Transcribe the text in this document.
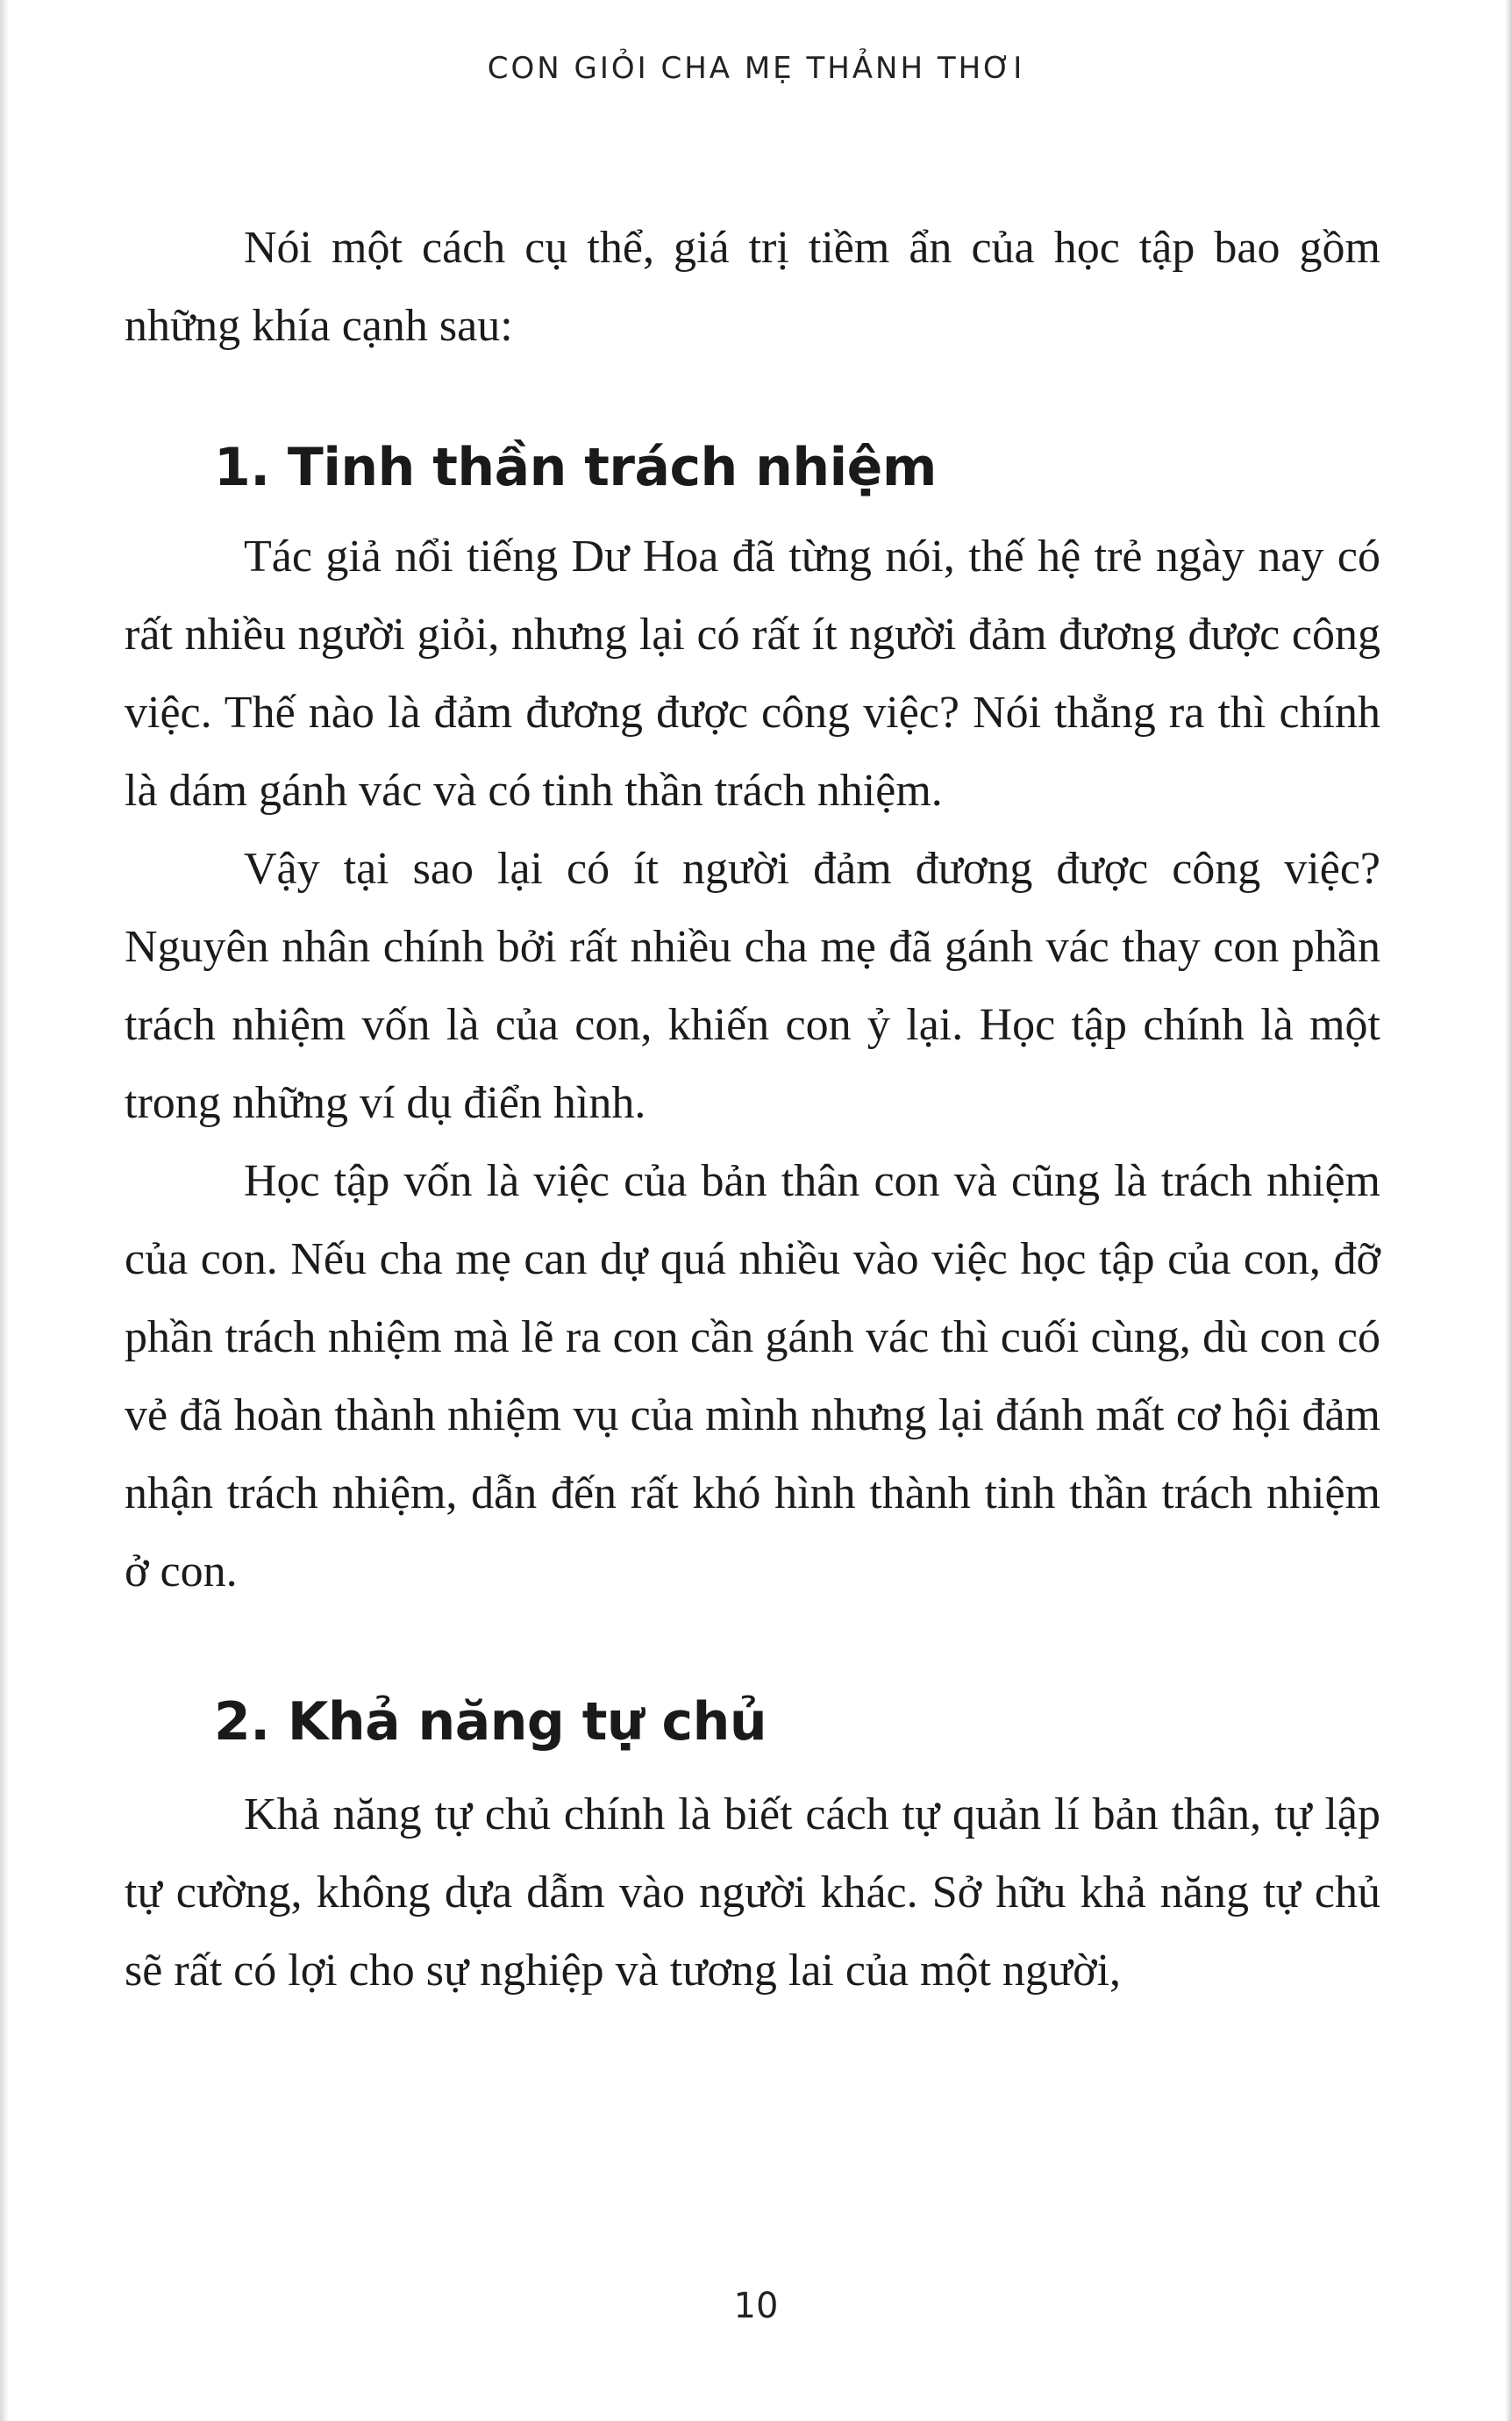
CON GIỎI CHA MẸ THẢNH THƠI

Nói một cách cụ thể, giá trị tiềm ẩn của học tập bao gồm những khía cạnh sau:

1. Tinh thần trách nhiệm

Tác giả nổi tiếng Dư Hoa đã từng nói, thế hệ trẻ ngày nay có rất nhiều người giỏi, nhưng lại có rất ít người đảm đương được công việc. Thế nào là đảm đương được công việc? Nói thẳng ra thì chính là dám gánh vác và có tinh thần trách nhiệm.

Vậy tại sao lại có ít người đảm đương được công việc? Nguyên nhân chính bởi rất nhiều cha mẹ đã gánh vác thay con phần trách nhiệm vốn là của con, khiến con ỷ lại. Học tập chính là một trong những ví dụ điển hình.

Học tập vốn là việc của bản thân con và cũng là trách nhiệm của con. Nếu cha mẹ can dự quá nhiều vào việc học tập của con, đỡ phần trách nhiệm mà lẽ ra con cần gánh vác thì cuối cùng, dù con có vẻ đã hoàn thành nhiệm vụ của mình nhưng lại đánh mất cơ hội đảm nhận trách nhiệm, dẫn đến rất khó hình thành tinh thần trách nhiệm ở con.

2. Khả năng tự chủ

Khả năng tự chủ chính là biết cách tự quản lí bản thân, tự lập tự cường, không dựa dẫm vào người khác. Sở hữu khả năng tự chủ sẽ rất có lợi cho sự nghiệp và tương lai của một người,

10
